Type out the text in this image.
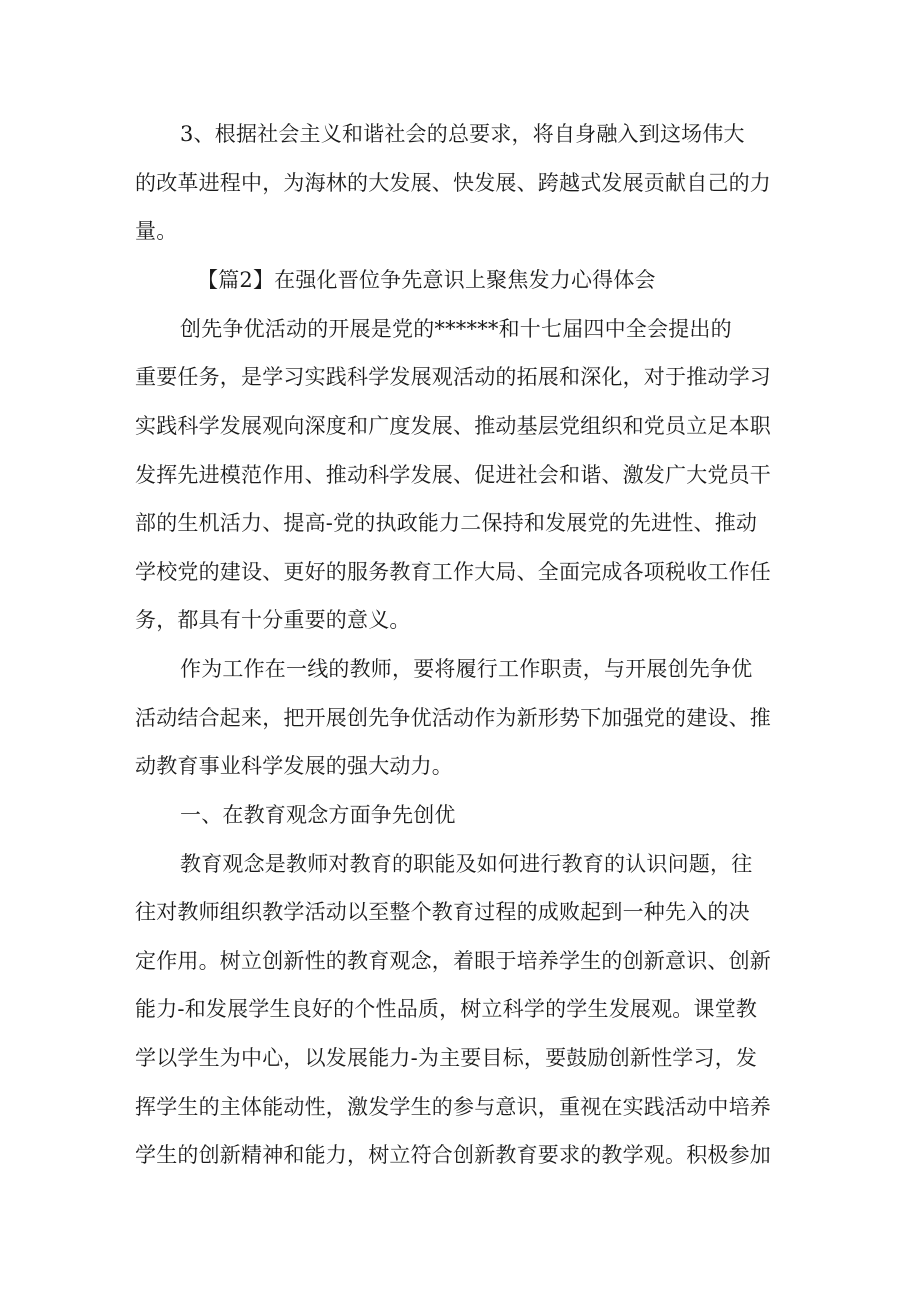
3、根据社会主义和谐社会的总要求，将自身融入到这场伟大
的改革进程中，为海林的大发展、快发展、跨越式发展贡献自己的力
量。
【篇2】在强化晋位争先意识上聚焦发力心得体会
创先争优活动的开展是党的******和十七届四中全会提出的
重要任务，是学习实践科学发展观活动的拓展和深化，对于推动学习
实践科学发展观向深度和广度发展、推动基层党组织和党员立足本职
发挥先进模范作用、推动科学发展、促进社会和谐、激发广大党员干
部的生机活力、提高-党的执政能力二保持和发展党的先进性、推动
学校党的建设、更好的服务教育工作大局、全面完成各项税收工作任
务，都具有十分重要的意义。
作为工作在一线的教师，要将履行工作职责，与开展创先争优
活动结合起来，把开展创先争优活动作为新形势下加强党的建设、推
动教育事业科学发展的强大动力。
一、在教育观念方面争先创优
教育观念是教师对教育的职能及如何进行教育的认识问题，往
往对教师组织教学活动以至整个教育过程的成败起到一种先入的决
定作用。树立创新性的教育观念，着眼于培养学生的创新意识、创新
能力-和发展学生良好的个性品质，树立科学的学生发展观。课堂教
学以学生为中心，以发展能力-为主要目标，要鼓励创新性学习，发
挥学生的主体能动性，激发学生的参与意识，重视在实践活动中培养
学生的创新精神和能力，树立符合创新教育要求的教学观。积极参加
